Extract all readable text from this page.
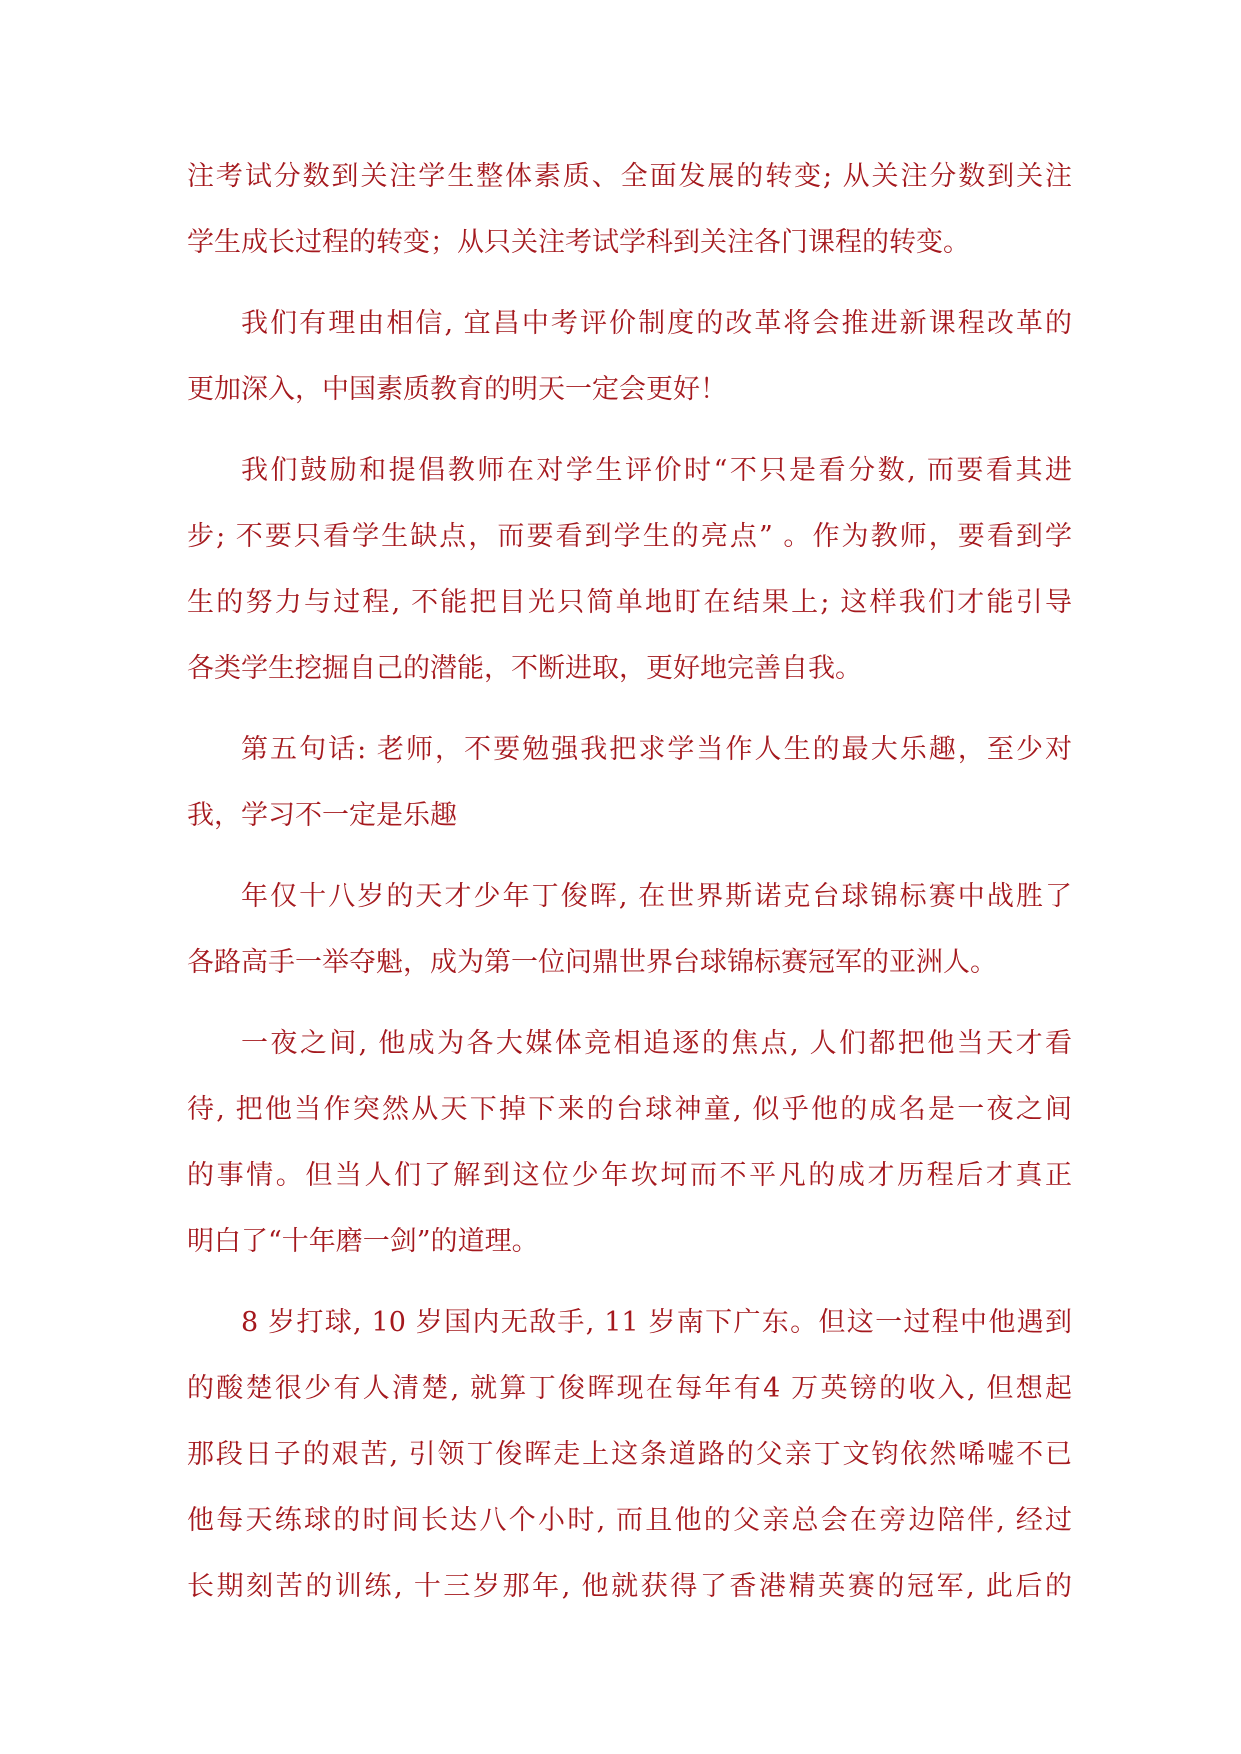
注考试分数到关注学生整体素质、全面发展的转变; 从关注分数到关注
学生成长过程的转变；从只关注考试学科到关注各门课程的转变。
我们有理由相信, 宜昌中考评价制度的改革将会推进新课程改革的
更加深入，中国素质教育的明天一定会更好！
我们鼓励和提倡教师在对学生评价时“不只是看分数, 而要看其进
步; 不要只看学生缺点，而要看到学生的亮点” 。作为教师，要看到学
生的努力与过程, 不能把目光只简单地盯在结果上; 这样我们才能引导
各类学生挖掘自己的潜能，不断进取，更好地完善自我。
第五句话: 老师，不要勉强我把求学当作人生的最大乐趣，至少对
我，学习不一定是乐趣
年仅十八岁的天才少年丁俊晖, 在世界斯诺克台球锦标赛中战胜了
各路高手一举夺魁，成为第一位问鼎世界台球锦标赛冠军的亚洲人。
一夜之间, 他成为各大媒体竞相追逐的焦点, 人们都把他当天才看
待, 把他当作突然从天下掉下来的台球神童, 似乎他的成名是一夜之间
的事情。但当人们了解到这位少年坎坷而不平凡的成才历程后才真正
明白了“十年磨一剑”的道理。
8 岁打球, 10 岁国内无敌手, 11 岁南下广东。但这一过程中他遇到
的酸楚很少有人清楚, 就算丁俊晖现在每年有4 万英镑的收入, 但想起
那段日子的艰苦, 引领丁俊晖走上这条道路的父亲丁文钧依然唏嘘不已
他每天练球的时间长达八个小时, 而且他的父亲总会在旁边陪伴, 经过
长期刻苦的训练, 十三岁那年, 他就获得了香港精英赛的冠军, 此后的
